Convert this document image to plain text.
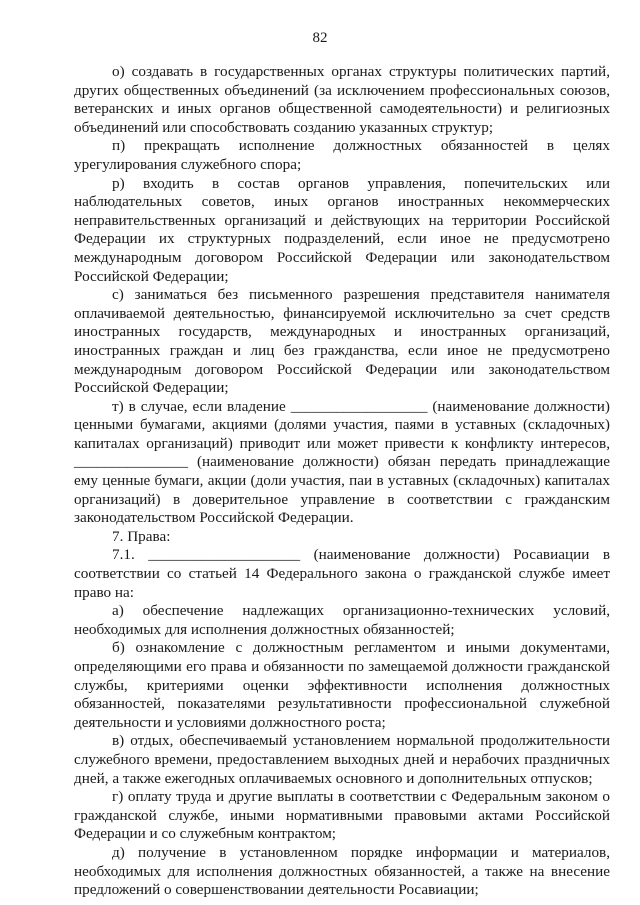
82

о) создавать в государственных органах структуры политических партий, других общественных объединений (за исключением профессиональных союзов, ветеранских и иных органов общественной самодеятельности) и религиозных объединений или способствовать созданию указанных структур;

п) прекращать исполнение должностных обязанностей в целях урегулирования служебного спора;

р) входить в состав органов управления, попечительских или наблюдательных советов, иных органов иностранных некоммерческих неправительственных организаций и действующих на территории Российской Федерации их структурных подразделений, если иное не предусмотрено международным договором Российской Федерации или законодательством Российской Федерации;

с) заниматься без письменного разрешения представителя нанимателя оплачиваемой деятельностью, финансируемой исключительно за счет средств иностранных государств, международных и иностранных организаций, иностранных граждан и лиц без гражданства, если иное не предусмотрено международным договором Российской Федерации или законодательством Российской Федерации;

т) в случае, если владение __________________ (наименование должности) ценными бумагами, акциями (долями участия, паями в уставных (складочных) капиталах организаций) приводит или может привести к конфликту интересов, _______________ (наименование должности) обязан передать принадлежащие ему ценные бумаги, акции (доли участия, паи в уставных (складочных) капиталах организаций) в доверительное управление в соответствии с гражданским законодательством Российской Федерации.

7. Права:

7.1. ____________________ (наименование должности) Росавиации в соответствии со статьей 14 Федерального закона о гражданской службе имеет право на:

а) обеспечение надлежащих организационно-технических условий, необходимых для исполнения должностных обязанностей;

б) ознакомление с должностным регламентом и иными документами, определяющими его права и обязанности по замещаемой должности гражданской службы, критериями оценки эффективности исполнения должностных обязанностей, показателями результативности профессиональной служебной деятельности и условиями должностного роста;

в) отдых, обеспечиваемый установлением нормальной продолжительности служебного времени, предоставлением выходных дней и нерабочих праздничных дней, а также ежегодных оплачиваемых основного и дополнительных отпусков;

г) оплату труда и другие выплаты в соответствии с Федеральным законом о гражданской службе, иными нормативными правовыми актами Российской Федерации и со служебным контрактом;

д) получение в установленном порядке информации и материалов, необходимых для исполнения должностных обязанностей, а также на внесение предложений о совершенствовании деятельности Росавиации;
